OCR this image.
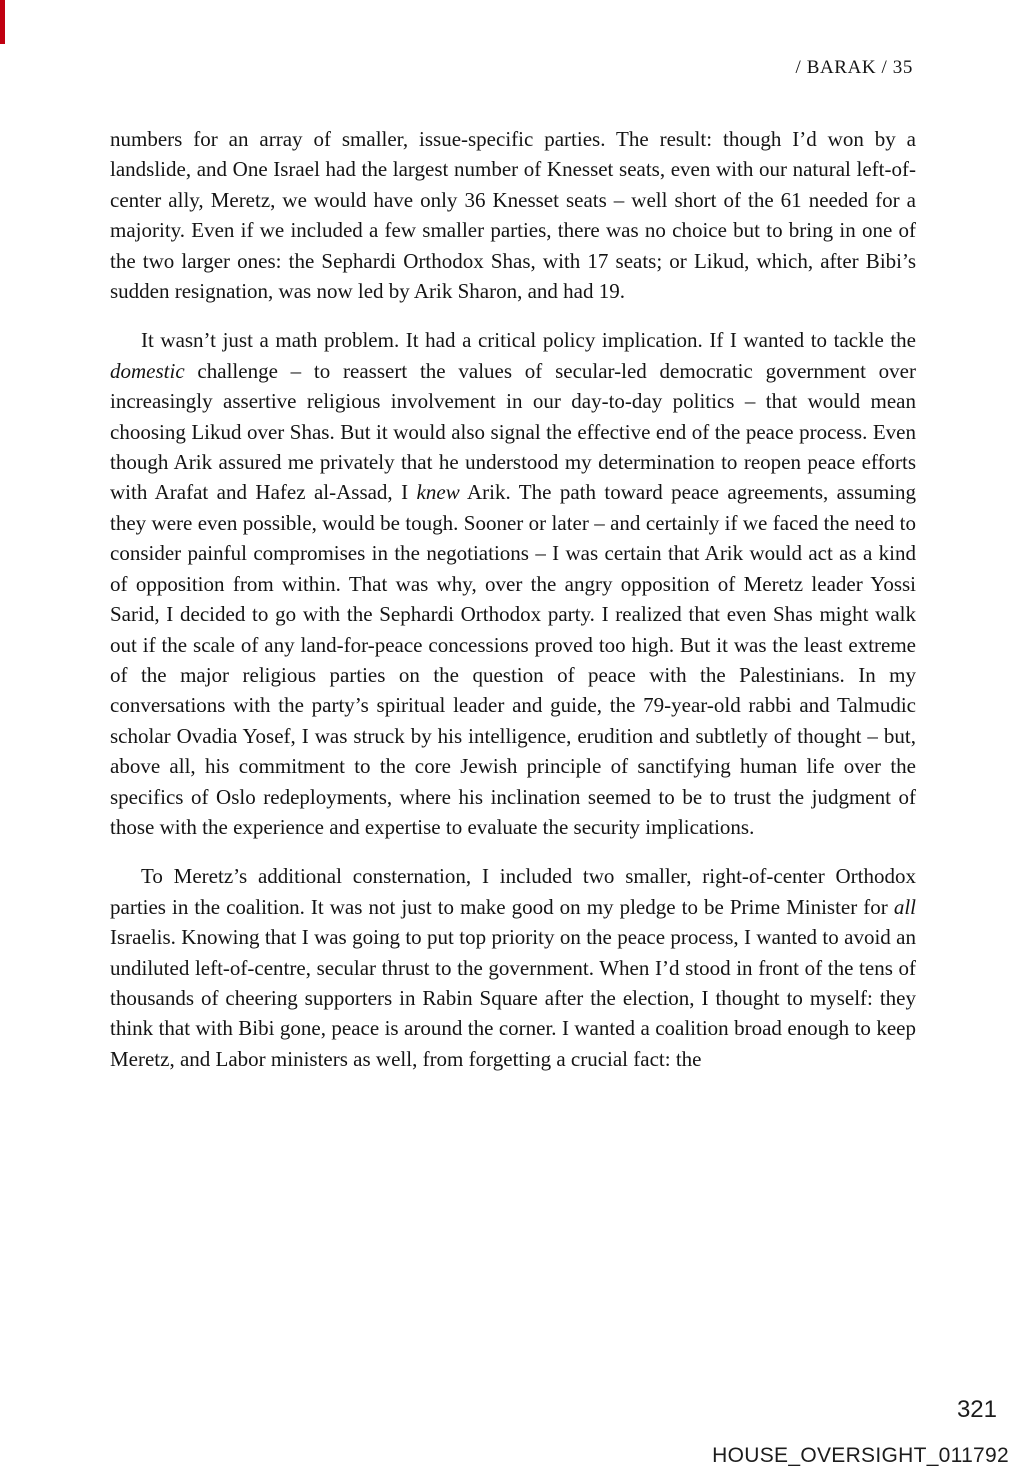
/ BARAK / 35

numbers for an array of smaller, issue-specific parties. The result: though I’d won by a landslide, and One Israel had the largest number of Knesset seats, even with our natural left-of-center ally, Meretz, we would have only 36 Knesset seats – well short of the 61 needed for a majority. Even if we included a few smaller parties, there was no choice but to bring in one of the two larger ones: the Sephardi Orthodox Shas, with 17 seats; or Likud, which, after Bibi’s sudden resignation, was now led by Arik Sharon, and had 19.

It wasn’t just a math problem. It had a critical policy implication. If I wanted to tackle the domestic challenge – to reassert the values of secular-led democratic government over increasingly assertive religious involvement in our day-to-day politics – that would mean choosing Likud over Shas. But it would also signal the effective end of the peace process. Even though Arik assured me privately that he understood my determination to reopen peace efforts with Arafat and Hafez al-Assad, I knew Arik. The path toward peace agreements, assuming they were even possible, would be tough. Sooner or later – and certainly if we faced the need to consider painful compromises in the negotiations – I was certain that Arik would act as a kind of opposition from within. That was why, over the angry opposition of Meretz leader Yossi Sarid, I decided to go with the Sephardi Orthodox party. I realized that even Shas might walk out if the scale of any land-for-peace concessions proved too high. But it was the least extreme of the major religious parties on the question of peace with the Palestinians. In my conversations with the party’s spiritual leader and guide, the 79-year-old rabbi and Talmudic scholar Ovadia Yosef, I was struck by his intelligence, erudition and subtletly of thought – but, above all, his commitment to the core Jewish principle of sanctifying human life over the specifics of Oslo redeployments, where his inclination seemed to be to trust the judgment of those with the experience and expertise to evaluate the security implications.

To Meretz’s additional consternation, I included two smaller, right-of-center Orthodox parties in the coalition. It was not just to make good on my pledge to be Prime Minister for all Israelis. Knowing that I was going to put top priority on the peace process, I wanted to avoid an undiluted left-of-centre, secular thrust to the government. When I’d stood in front of the tens of thousands of cheering supporters in Rabin Square after the election, I thought to myself: they think that with Bibi gone, peace is around the corner. I wanted a coalition broad enough to keep Meretz, and Labor ministers as well, from forgetting a crucial fact: the

321
HOUSE_OVERSIGHT_011792
